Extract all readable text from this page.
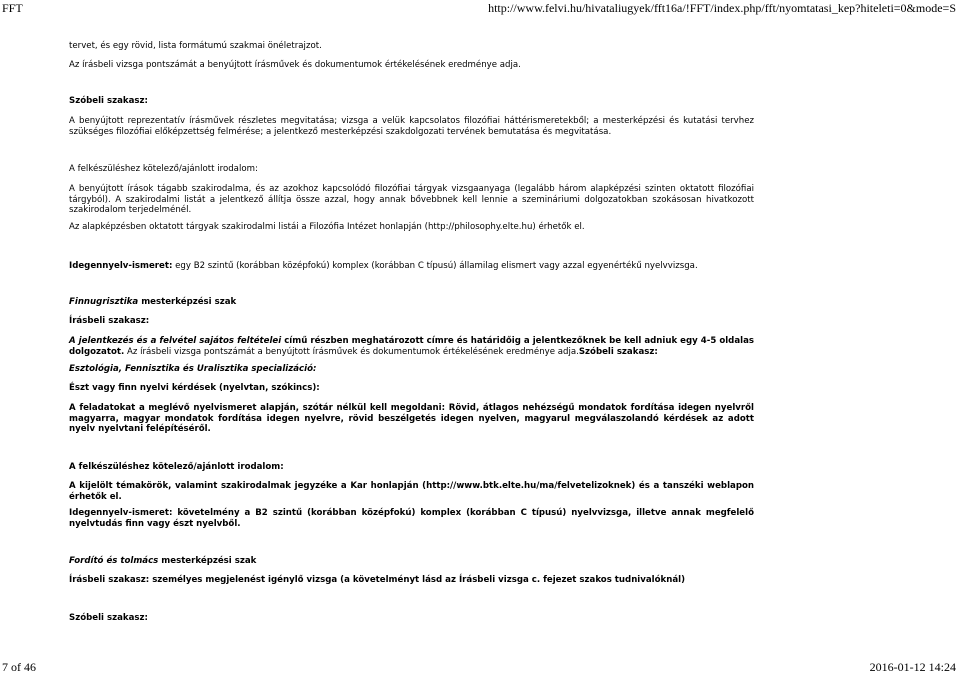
FFT	http://www.felvi.hu/hivataliugyek/fft16a/!FFT/index.php/fft/nyomtatasi_kep?hiteleti=0&mode=S

tervet, és egy rövid, lista formátumú szakmai önéletrajzot.

Az írásbeli vizsga pontszámát a benyújtott írásművek és dokumentumok értékelésének eredménye adja.

Szóbeli szakasz:

A benyújtott reprezentatív írásművek részletes megvitatása; vizsga a velük kapcsolatos filozófiai háttérismeretekből; a mesterképzési és kutatási tervhez szükséges filozófiai előképzettség felmérése; a jelentkező mesterképzési szakdolgozati tervének bemutatása és megvitatása.

A felkészüléshez kötelező/ajánlott irodalom:

A benyújtott írások tágabb szakirodalma, és az azokhoz kapcsolódó filozófiai tárgyak vizsgaanyaga (legalább három alapképzési szinten oktatott filozófiai tárgyból). A szakirodalmi listát a jelentkező állítja össze azzal, hogy annak bővebbnek kell lennie a szemináriumi dolgozatokban szokásosan hivatkozott szakirodalom terjedelménél.

Az alapképzésben oktatott tárgyak szakirodalmi listái a Filozófia Intézet honlapján (http://philosophy.elte.hu) érhetők el.

Idegennyelv-ismeret: egy B2 szintű (korábban középfokú) komplex (korábban C típusú) államilag elismert vagy azzal egyenértékű nyelvvizsga.

Finnugrisztika mesterképzési szak

Írásbeli szakasz:

A jelentkezés és a felvétel sajátos feltételei című részben meghatározott címre és határidőig a jelentkezőknek be kell adniuk egy 4-5 oldalas dolgozatot. Az írásbeli vizsga pontszámát a benyújtott írásművek és dokumentumok értékelésének eredménye adja.Szóbeli szakasz:

Esztológia, Fennisztika és Uralisztika specializáció:

Észt vagy finn nyelvi kérdések (nyelvtan, szókincs):

A feladatokat a meglévő nyelvismeret alapján, szótár nélkül kell megoldani: Rövid, átlagos nehézségű mondatok fordítása idegen nyelvről magyarra, magyar mondatok fordítása idegen nyelvre, rövid beszélgetés idegen nyelven, magyarul megválaszolandó kérdések az adott nyelv nyelvtani felépítéséről.

A felkészüléshez kötelező/ajánlott irodalom:

A kijelölt témakörök, valamint szakirodalmak jegyzéke a Kar honlapján (http://www.btk.elte.hu/ma/felvetelizoknek) és a tanszéki weblapon érhetők el.

Idegennyelv-ismeret: követelmény a B2 szintű (korábban középfokú) komplex (korábban C típusú) nyelvvizsga, illetve annak megfelelő nyelvtudás finn vagy észt nyelvből.

Fordító és tolmács mesterképzési szak

Írásbeli szakasz: személyes megjelenést igénylő vizsga (a követelményt lásd az Írásbeli vizsga c. fejezet szakos tudnivalóknál)

Szóbeli szakasz:

7 of 46	2016-01-12 14:24
